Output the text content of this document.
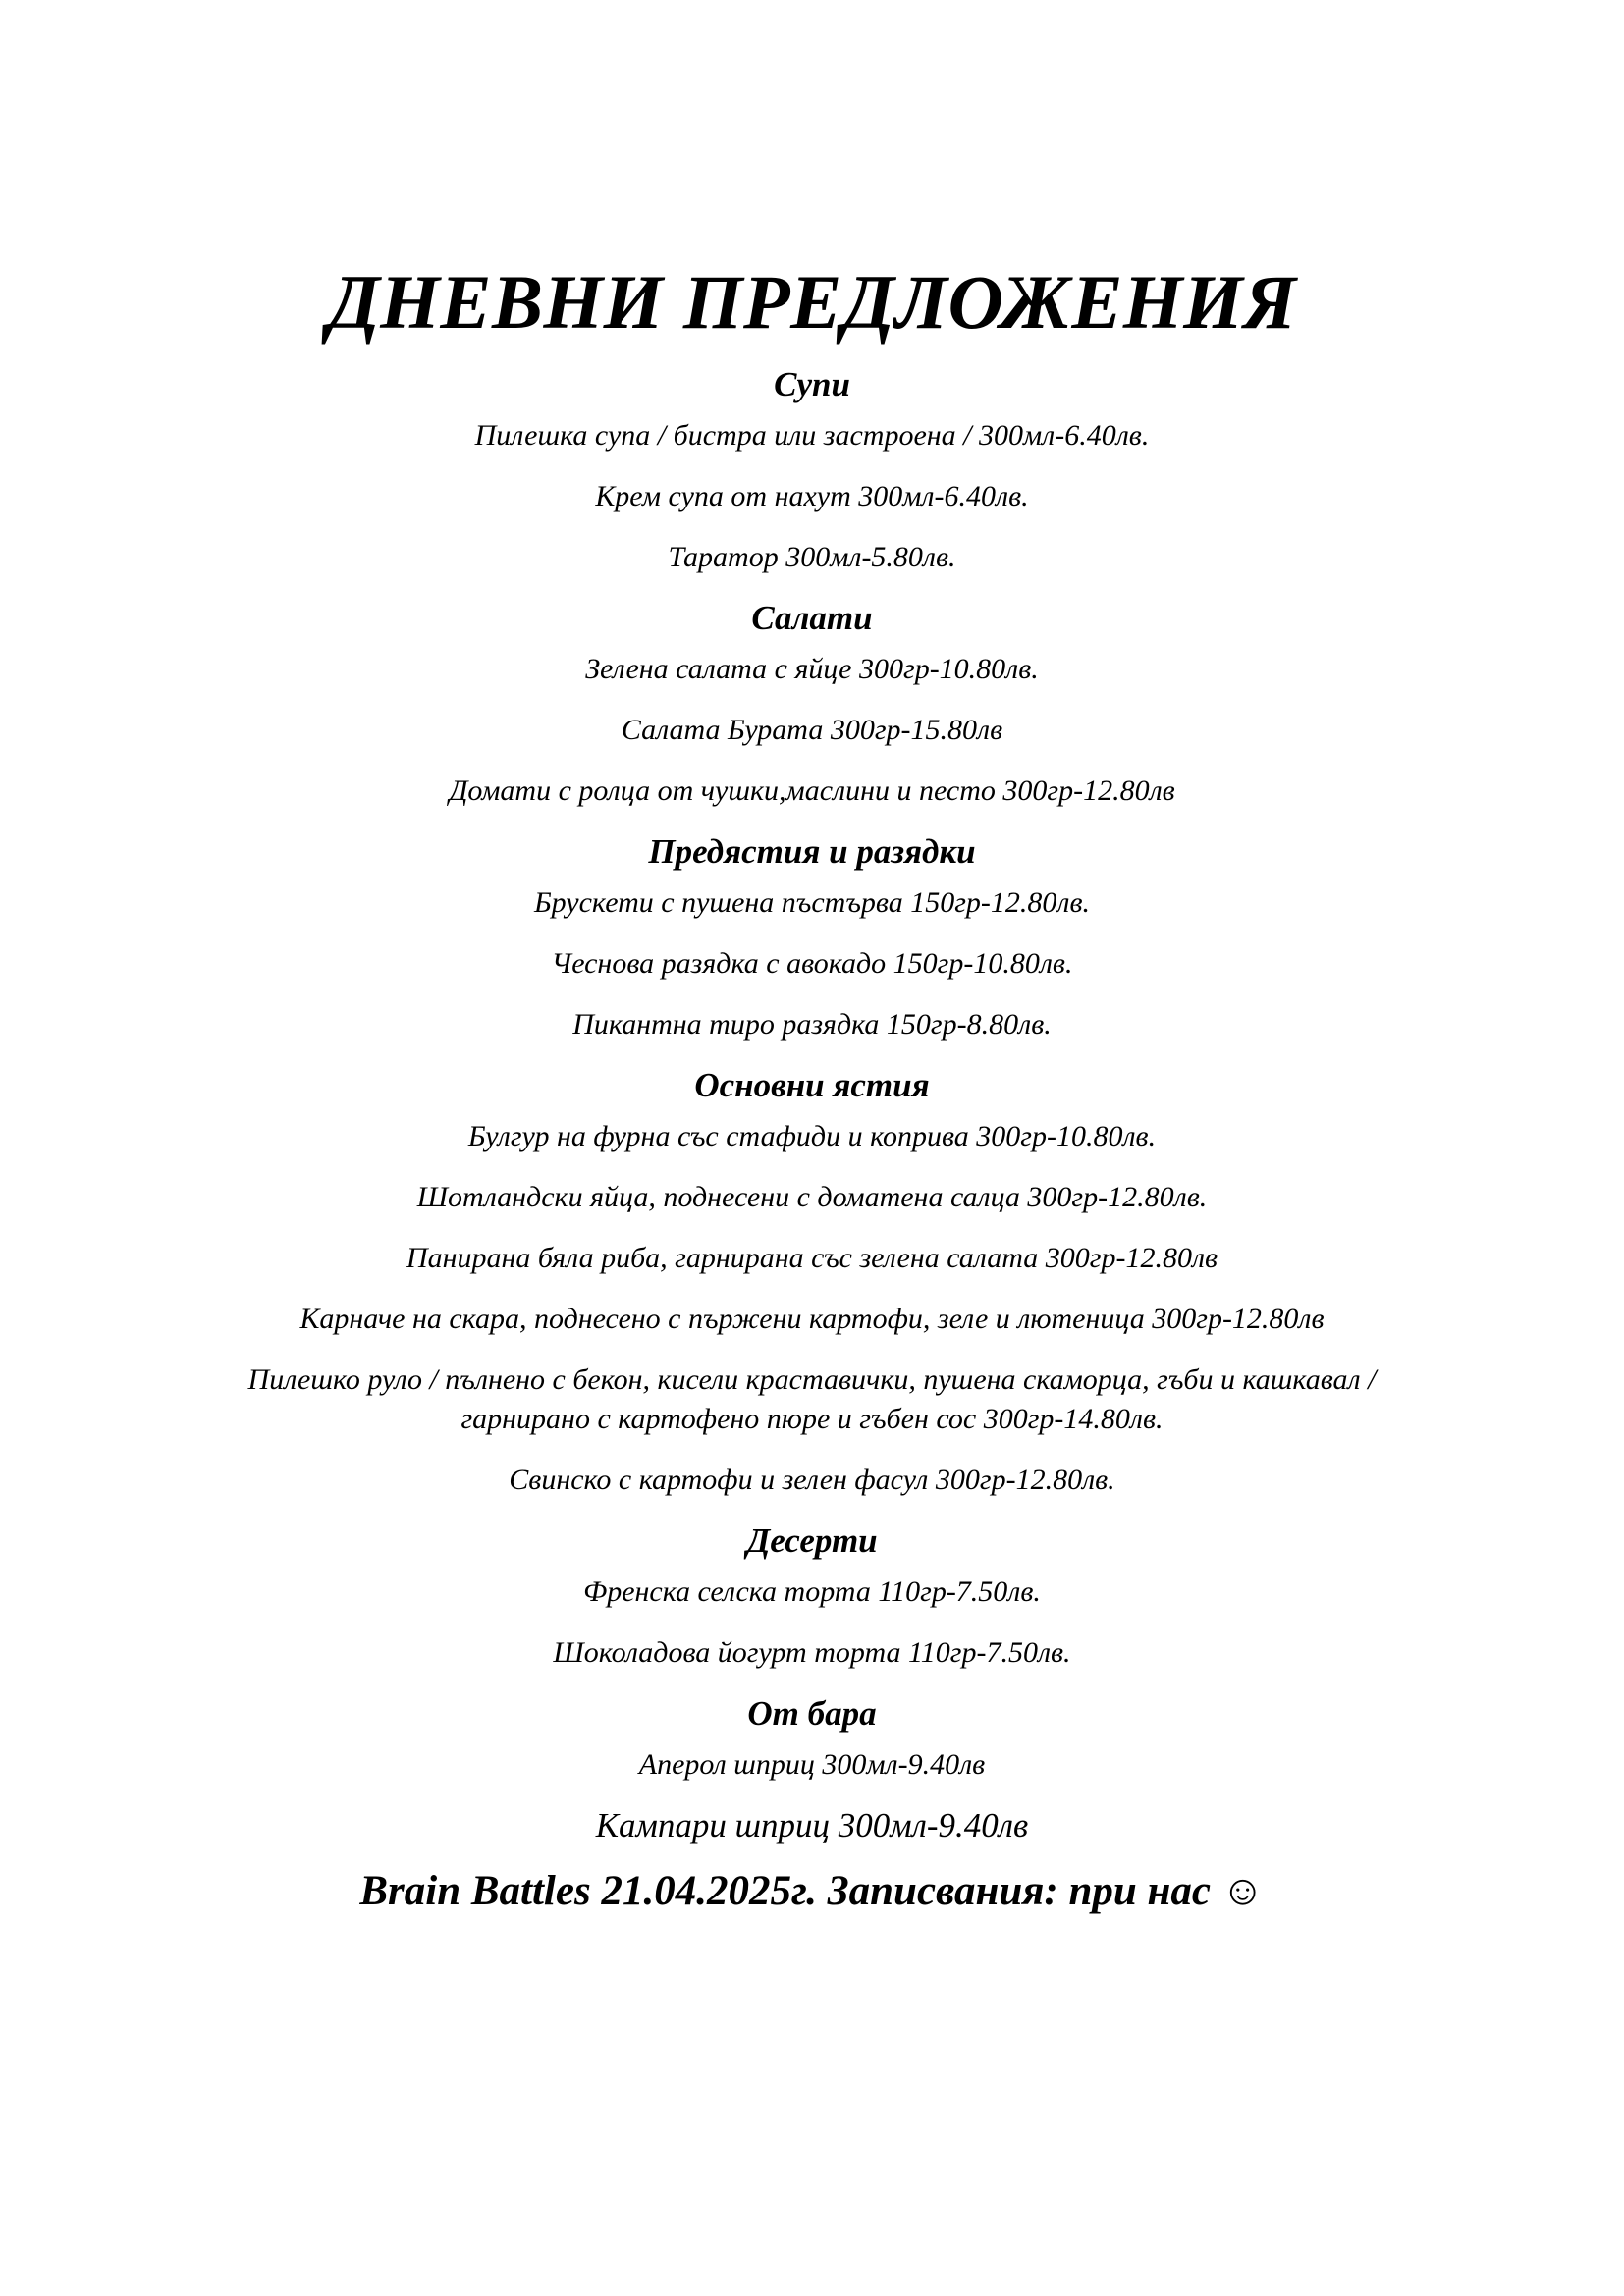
ДНЕВНИ ПРЕДЛОЖЕНИЯ
Супи
Пилешка супа / бистра или застроена / 300мл-6.40лв.
Крем супа от нахут 300мл-6.40лв.
Таратор 300мл-5.80лв.
Салати
Зелена салата с яйце 300гр-10.80лв.
Салата Бурата 300гр-15.80лв
Домати с ролца от чушки,маслини и песто 300гр-12.80лв
Предястия и разядки
Брускети с пушена пъстърва 150гр-12.80лв.
Чеснова разядка с авокадо 150гр-10.80лв.
Пикантна тиро разядка 150гр-8.80лв.
Основни ястия
Булгур на фурна със стафиди и коприва 300гр-10.80лв.
Шотландски яйца, поднесени с доматена салца 300гр-12.80лв.
Панирана бяла риба, гарнирана със зелена салата 300гр-12.80лв
Карначе на скара, поднесено с пържени картофи, зеле и лютеница 300гр-12.80лв
Пилешко руло / пълнено с бекон, кисели краставички, пушена скаморца, гъби и кашкавал / гарнирано с картофено пюре и гъбен сос 300гр-14.80лв.
Свинско с картофи и зелен фасул 300гр-12.80лв.
Десерти
Френска селска торта 110гр-7.50лв.
Шоколадова йогурт торта 110гр-7.50лв.
От бара
Аперол шприц 300мл-9.40лв
Кампари шприц 300мл-9.40лв
Brain Battles 21.04.2025г. Записвания: при нас ☺
